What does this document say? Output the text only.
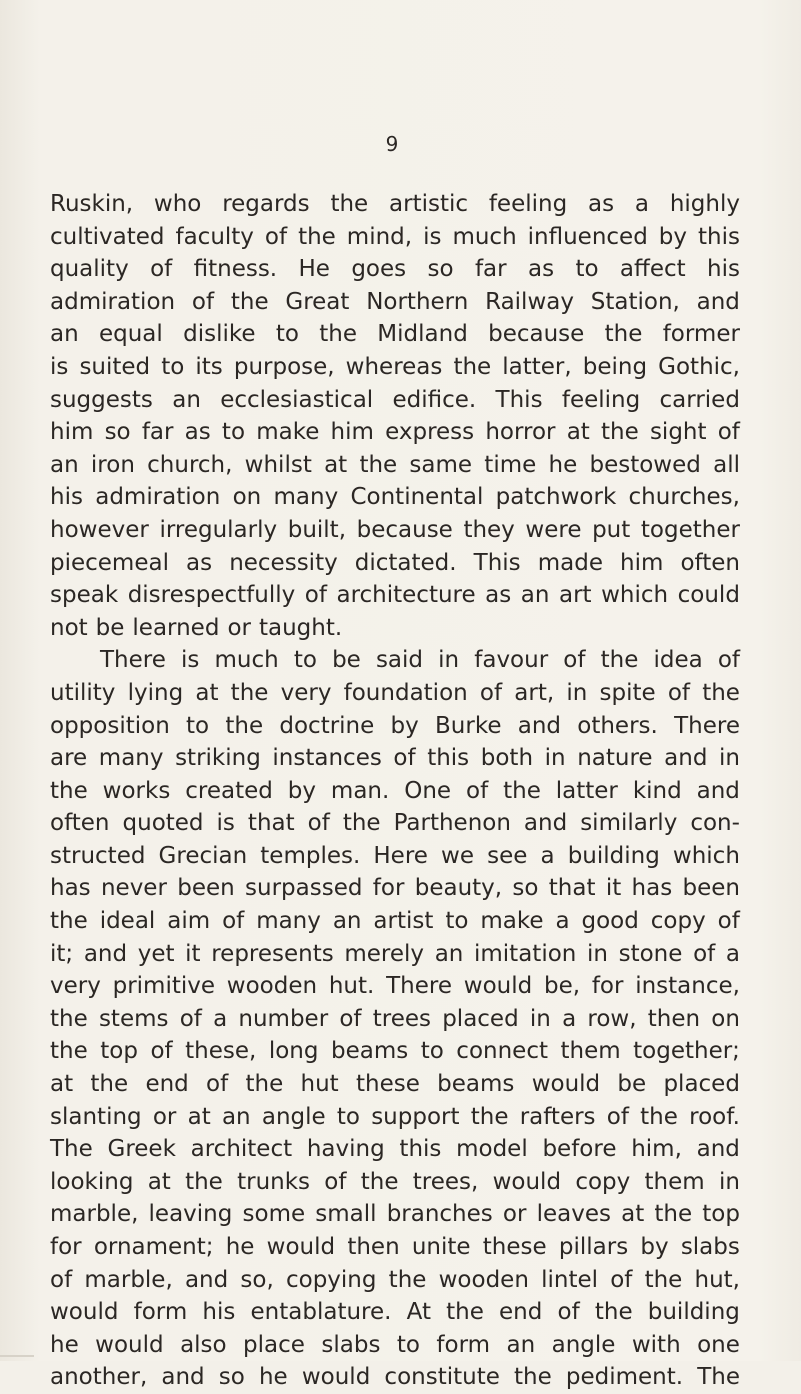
9
Ruskin, who regards the artistic feeling as a highly
cultivated faculty of the mind, is much influenced by this
quality of fitness. He goes so far as to affect his
admiration of the Great Northern Railway Station, and
an equal dislike to the Midland because the former
is suited to its purpose, whereas the latter, being Gothic,
suggests an ecclesiastical edifice. This feeling carried
him so far as to make him express horror at the sight of
an iron church, whilst at the same time he bestowed all
his admiration on many Continental patchwork churches,
however irregularly built, because they were put together
piecemeal as necessity dictated. This made him often
speak disrespectfully of architecture as an art which could
not be learned or taught.
There is much to be said in favour of the idea of
utility lying at the very foundation of art, in spite of the
opposition to the doctrine by Burke and others. There
are many striking instances of this both in nature and in
the works created by man. One of the latter kind and
often quoted is that of the Parthenon and similarly con-
structed Grecian temples. Here we see a building which
has never been surpassed for beauty, so that it has been
the ideal aim of many an artist to make a good copy of
it; and yet it represents merely an imitation in stone of a
very primitive wooden hut. There would be, for instance,
the stems of a number of trees placed in a row, then on
the top of these, long beams to connect them together;
at the end of the hut these beams would be placed
slanting or at an angle to support the rafters of the roof.
The Greek architect having this model before him, and
looking at the trunks of the trees, would copy them in
marble, leaving some small branches or leaves at the top
for ornament; he would then unite these pillars by slabs
of marble, and so, copying the wooden lintel of the hut,
would form his entablature. At the end of the building
he would also place slabs to form an angle with one
another, and so he would constitute the pediment. The
